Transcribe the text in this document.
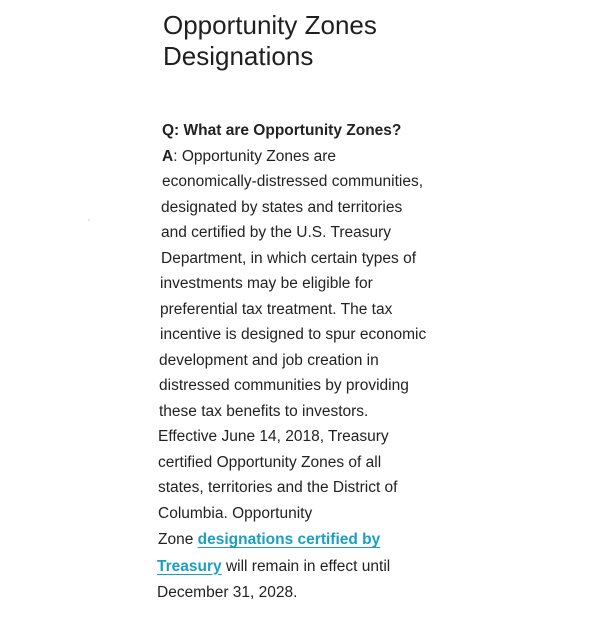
Opportunity Zones
Designations
Q: What are Opportunity Zones?
A: Opportunity Zones are
economically-distressed communities,
designated by states and territories
and certified by the U.S. Treasury
Department, in which certain types of
investments may be eligible for
preferential tax treatment. The tax
incentive is designed to spur economic
development and job creation in
distressed communities by providing
these tax benefits to investors.
Effective June 14, 2018, Treasury
certified Opportunity Zones of all
states, territories and the District of
Columbia. Opportunity
Zone designations certified by
Treasury will remain in effect until
December 31, 2028.
